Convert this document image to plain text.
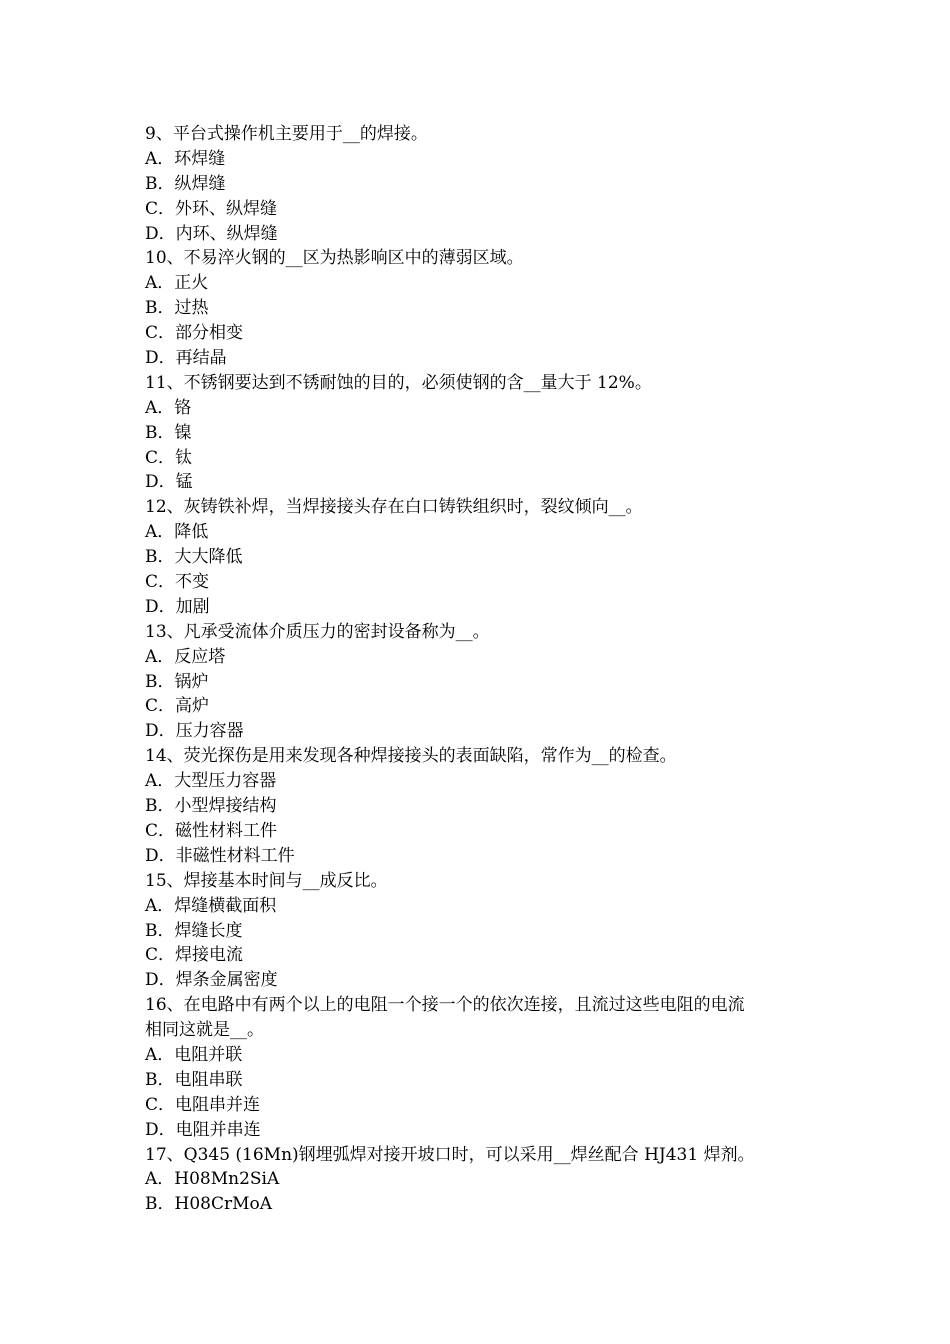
9、平台式操作机主要用于__的焊接。
A．环焊缝
B．纵焊缝
C．外环、纵焊缝
D．内环、纵焊缝
10、不易淬火钢的__区为热影响区中的薄弱区域。
A．正火
B．过热
C．部分相变
D．再结晶
11、不锈钢要达到不锈耐蚀的目的，必须使钢的含__量大于 12%。
A．铬
B．镍
C．钛
D．锰
12、灰铸铁补焊，当焊接接头存在白口铸铁组织时，裂纹倾向__。
A．降低
B．大大降低
C．不变
D．加剧
13、凡承受流体介质压力的密封设备称为__。
A．反应塔
B．锅炉
C．高炉
D．压力容器
14、荧光探伤是用来发现各种焊接接头的表面缺陷，常作为__的检查。
A．大型压力容器
B．小型焊接结构
C．磁性材料工件
D．非磁性材料工件
15、焊接基本时间与__成反比。
A．焊缝横截面积
B．焊缝长度
C．焊接电流
D．焊条金属密度
16、在电路中有两个以上的电阻一个接一个的依次连接，且流过这些电阻的电流
相同这就是__。
A．电阻并联
B．电阻串联
C．电阻串并连
D．电阻并串连
17、Q345 (16Mn)钢埋弧焊对接开坡口时，可以采用__焊丝配合 HJ431 焊剂。
A．H08Mn2SiA
B．H08CrMoA
